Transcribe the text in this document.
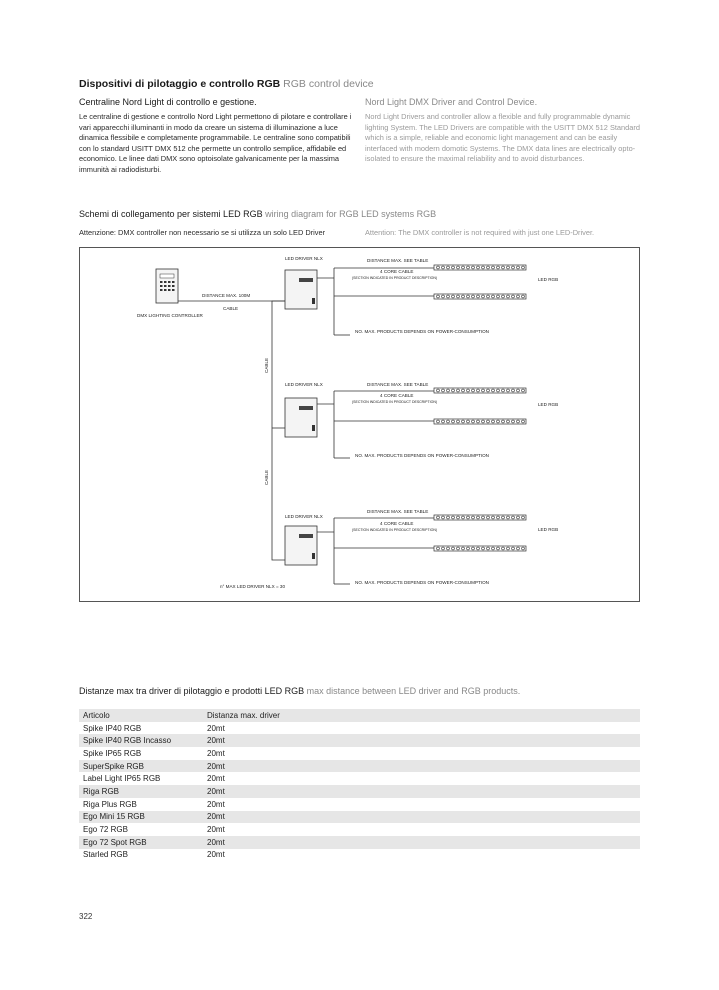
Dispositivi di pilotaggio e controllo RGB RGB control device
Centraline Nord Light di controllo e gestione.	Nord Light DMX Driver and Control Device.
Le centraline di gestione e controllo Nord Light permettono di pilotare e controllare i vari apparecchi illuminanti in modo da creare un sistema di illuminazione a luce dinamica flessibile e completamente programmabile. Le centraline sono compatibili con lo standard USITT DMX 512 che permette un controllo semplice, affidabile ed economico. Le linee dati DMX sono optoisolate galvanicamente per la massima immunità ai radiodisturbi.
Nord Light Drivers and controller allow a flexible and fully programmable dynamic lighting System. The LED Drivers are compatible with the USITT DMX 512 Standard which is a simple, reliable and economic light management and can be easily interfaced with modern domotic Systems. The DMX data lines are electrically opto-isolated to ensure the maximal reliability and to avoid disturbances.
Schemi di collegamento per sistemi LED RGB wiring diagram for RGB LED systems RGB
Attenzione: DMX controller non necessario se si utilizza un solo LED Driver	Attention: The DMX controller is not required with just one LED-Driver.
DMX LIGHTING CONTROLLER
DISTANCE MAX. 100M
CABLE
CABLE
CABLE
LED DRIVER NLX	DISTANCE MAX. SEE TABLE
4 CORE CABLE
(SECTION INDICATED IN PRODUCT DESCRIPTION)	LED RGB
NO. MAX. PRODUCTS DEPENDS ON POWER-CONSUMPTION
LED DRIVER NLX	DISTANCE MAX. SEE TABLE
4 CORE CABLE
(SECTION INDICATED IN PRODUCT DESCRIPTION)	LED RGB
NO. MAX. PRODUCTS DEPENDS ON POWER-CONSUMPTION
LED DRIVER NLX
DISTANCE MAX. SEE TABLE
4 CORE CABLE
(SECTION INDICATED IN PRODUCT DESCRIPTION)	LED RGB
NO. MAX. PRODUCTS DEPENDS ON POWER-CONSUMPTION
n° MAX LED DRIVER NLX = 30
Distanze max tra driver di pilotaggio e prodotti LED RGB max distance between LED driver and RGB products.
Articolo	Distanza max. driver
Spike IP40 RGB	20mt
Spike IP40 RGB Incasso	20mt
Spike IP65 RGB	20mt
SuperSpike RGB	20mt
Label Light IP65 RGB	20mt
Riga RGB	20mt
Riga Plus RGB	20mt
Ego Mini 15 RGB	20mt
Ego 72 RGB	20mt
Ego 72 Spot RGB	20mt
Starled RGB	20mt
322
